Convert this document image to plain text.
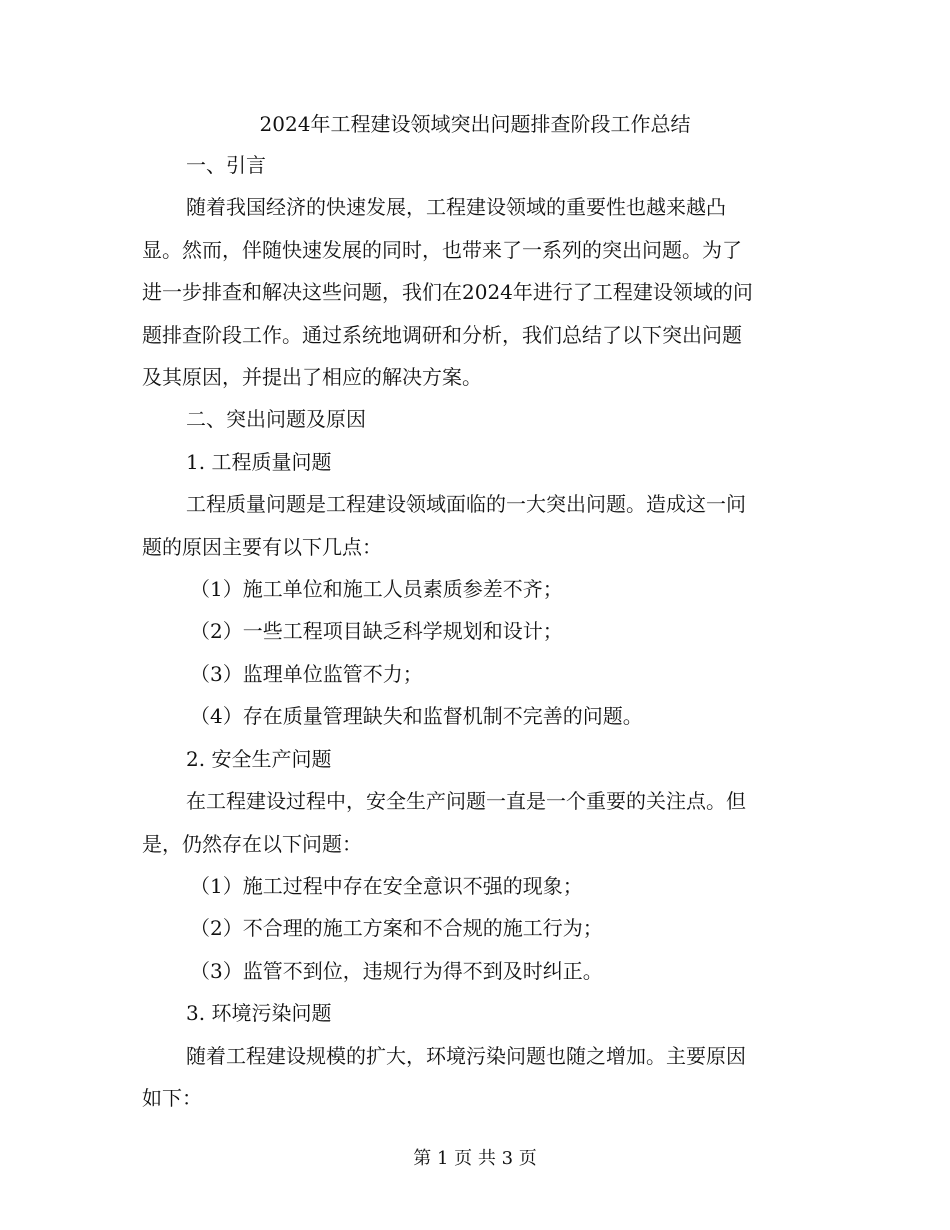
2024年工程建设领域突出问题排查阶段工作总结

一、引言

随着我国经济的快速发展，工程建设领域的重要性也越来越凸

显。然而，伴随快速发展的同时，也带来了一系列的突出问题。为了

进一步排查和解决这些问题，我们在2024年进行了工程建设领域的问

题排查阶段工作。通过系统地调研和分析，我们总结了以下突出问题

及其原因，并提出了相应的解决方案。

二、突出问题及原因

1. 工程质量问题

工程质量问题是工程建设领域面临的一大突出问题。造成这一问

题的原因主要有以下几点：

（1）施工单位和施工人员素质参差不齐；

（2）一些工程项目缺乏科学规划和设计；

（3）监理单位监管不力；

（4）存在质量管理缺失和监督机制不完善的问题。

2. 安全生产问题

在工程建设过程中，安全生产问题一直是一个重要的关注点。但

是，仍然存在以下问题：

（1）施工过程中存在安全意识不强的现象；

（2）不合理的施工方案和不合规的施工行为；

（3）监管不到位，违规行为得不到及时纠正。

3. 环境污染问题

随着工程建设规模的扩大，环境污染问题也随之增加。主要原因

如下：

第 1 页 共 3 页
